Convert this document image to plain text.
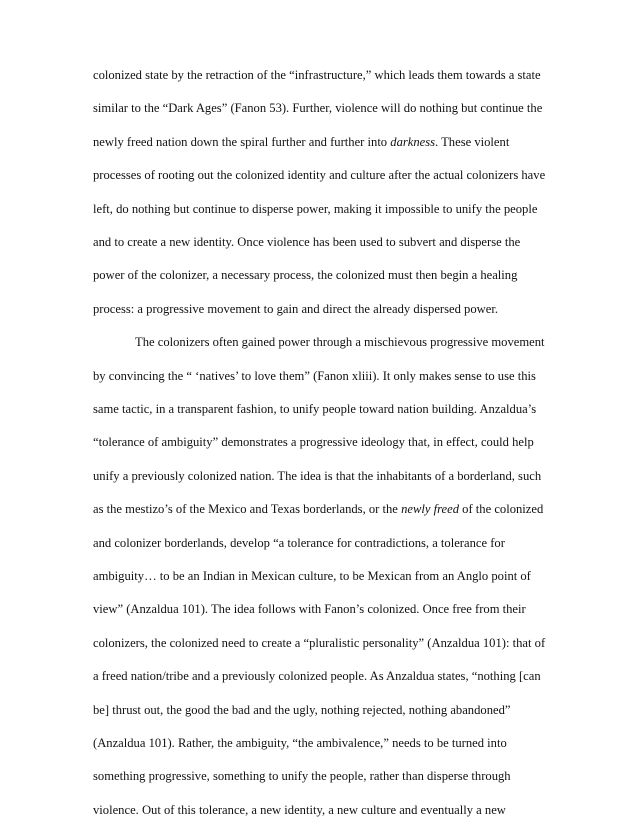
colonized state by the retraction of the “infrastructure,” which leads them towards a state
similar to the “Dark Ages” (Fanon 53). Further, violence will do nothing but continue the
newly freed nation down the spiral further and further into darkness. These violent
processes of rooting out the colonized identity and culture after the actual colonizers have
left, do nothing but continue to disperse power, making it impossible to unify the people
and to create a new identity. Once violence has been used to subvert and disperse the
power of the colonizer, a necessary process, the colonized must then begin a healing
process: a progressive movement to gain and direct the already dispersed power.
The colonizers often gained power through a mischievous progressive movement
by convincing the “ ‘natives’ to love them” (Fanon xliii). It only makes sense to use this
same tactic, in a transparent fashion, to unify people toward nation building. Anzaldua’s
“tolerance of ambiguity” demonstrates a progressive ideology that, in effect, could help
unify a previously colonized nation. The idea is that the inhabitants of a borderland, such
as the mestizo’s of the Mexico and Texas borderlands, or the newly freed of the colonized
and colonizer borderlands, develop “a tolerance for contradictions, a tolerance for
ambiguity… to be an Indian in Mexican culture, to be Mexican from an Anglo point of
view” (Anzaldua 101). The idea follows with Fanon’s colonized. Once free from their
colonizers, the colonized need to create a “pluralistic personality” (Anzaldua 101): that of
a freed nation/tribe and a previously colonized people. As Anzaldua states, “nothing [can
be] thrust out, the good the bad and the ugly, nothing rejected, nothing abandoned”
(Anzaldua 101). Rather, the ambiguity, “the ambivalence,” needs to be turned into
something progressive, something to unify the people, rather than disperse through
violence. Out of this tolerance, a new identity, a new culture and eventually a new
